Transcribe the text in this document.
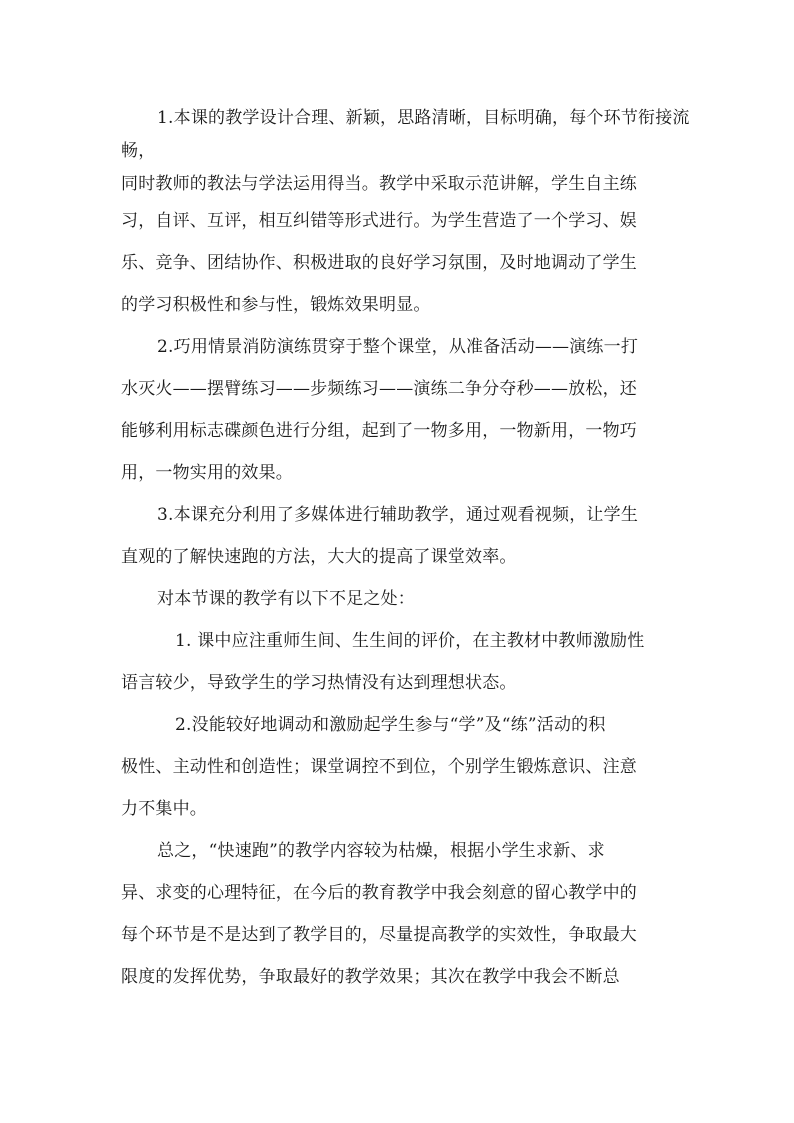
1.本课的教学设计合理、新颖，思路清晰，目标明确，每个环节衔接流
畅，
同时教师的教法与学法运用得当。教学中采取示范讲解，学生自主练
习，自评、互评，相互纠错等形式进行。为学生营造了一个学习、娱
乐、竞争、团结协作、积极进取的良好学习氛围，及时地调动了学生
的学习积极性和参与性，锻炼效果明显。
2.巧用情景消防演练贯穿于整个课堂，从准备活动——演练一打
水灭火——摆臂练习——步频练习——演练二争分夺秒——放松，还
能够利用标志碟颜色进行分组，起到了一物多用，一物新用，一物巧
用，一物实用的效果。
3.本课充分利用了多媒体进行辅助教学，通过观看视频，让学生
直观的了解快速跑的方法，大大的提高了课堂效率。
对本节课的教学有以下不足之处：
1. 课中应注重师生间、生生间的评价，在主教材中教师激励性
语言较少，导致学生的学习热情没有达到理想状态。
2.没能较好地调动和激励起学生参与“学”及“练”活动的积
极性、主动性和创造性；课堂调控不到位，个别学生锻炼意识、注意
力不集中。
总之，“快速跑”的教学内容较为枯燥，根据小学生求新、求
异、求变的心理特征，在今后的教育教学中我会刻意的留心教学中的
每个环节是不是达到了教学目的，尽量提高教学的实效性，争取最大
限度的发挥优势，争取最好的教学效果；其次在教学中我会不断总
